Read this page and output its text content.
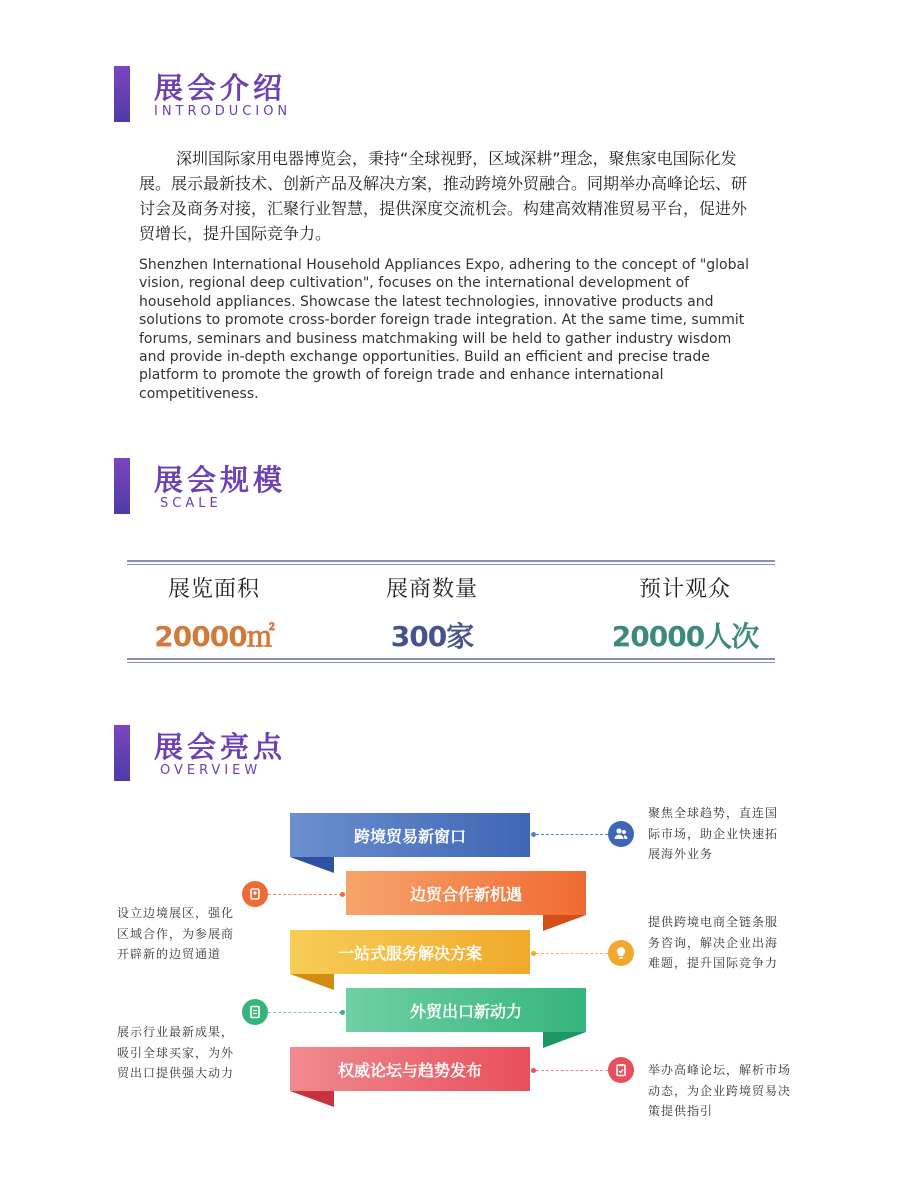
展会介绍
INTRODUCION

深圳国际家用电器博览会，秉持“全球视野，区域深耕”理念，聚焦家电国际化发展。展示最新技术、创新产品及解决方案，推动跨境外贸融合。同期举办高峰论坛、研讨会及商务对接，汇聚行业智慧，提供深度交流机会。构建高效精准贸易平台，促进外贸增长，提升国际竞争力。

Shenzhen International Household Appliances Expo, adhering to the concept of "global vision, regional deep cultivation", focuses on the international development of household appliances. Showcase the latest technologies, innovative products and solutions to promote cross-border foreign trade integration. At the same time, summit forums, seminars and business matchmaking will be held to gather industry wisdom and provide in-depth exchange opportunities. Build an efficient and precise trade platform to promote the growth of foreign trade and enhance international competitiveness.

展会规模
SCALE
展览面积
20000㎡
展商数量
300家
预计观众
20000人次
展会亮点
OVERVIEW
跨境贸易新窗口
边贸合作新机遇
一站式服务解决方案
外贸出口新动力
权威论坛与趋势发布

聚焦全球趋势，直连国际市场，助企业快速拓展海外业务

设立边境展区，强化区域合作，为参展商开辟新的边贸通道

提供跨境电商全链条服务咨询，解决企业出海难题，提升国际竞争力

展示行业最新成果，吸引全球买家，为外贸出口提供强大动力	举办高峰论坛，解析市场动态，为企业跨境贸易决策提供指引
